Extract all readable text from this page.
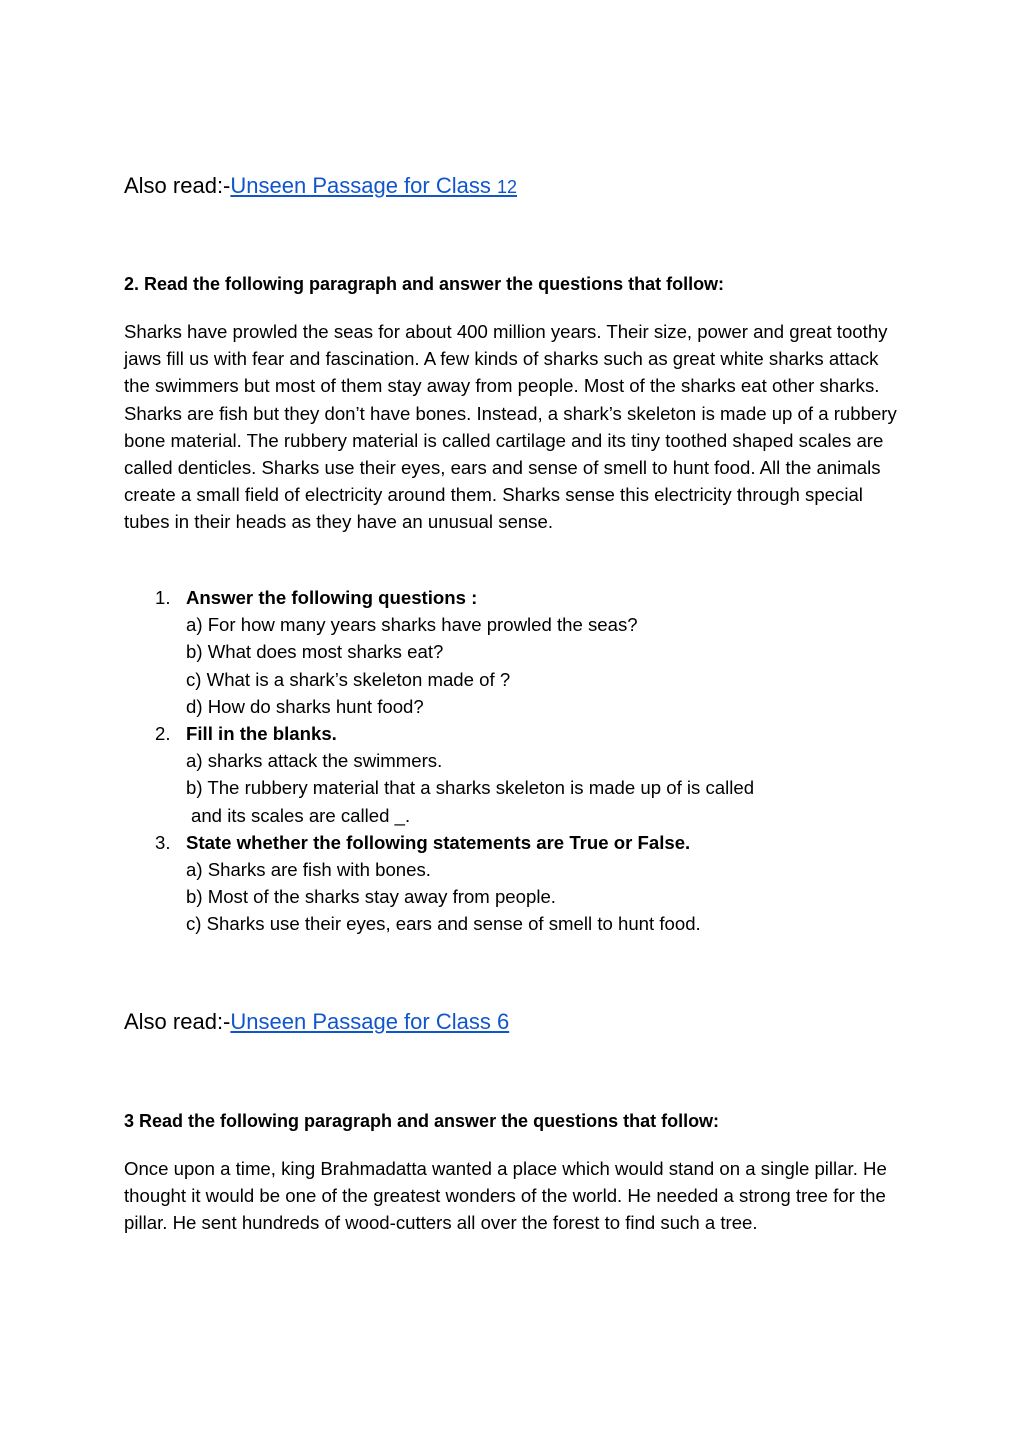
Also read:-Unseen Passage for Class 12
2. Read the following paragraph and answer the questions that follow:
Sharks have prowled the seas for about 400 million years. Their size, power and great toothy jaws fill us with fear and fascination. A few kinds of sharks such as great white sharks attack the swimmers but most of them stay away from people. Most of the sharks eat other sharks. Sharks are fish but they don’t have bones. Instead, a shark’s skeleton is made up of a rubbery bone material. The rubbery material is called cartilage and its tiny toothed shaped scales are called denticles. Sharks use their eyes, ears and sense of smell to hunt food. All the animals create a small field of electricity around them. Sharks sense this electricity through special tubes in their heads as they have an unusual sense.
1. Answer the following questions :
a) For how many years sharks have prowled the seas?
b) What does most sharks eat?
c) What is a shark’s skeleton made of ?
d) How do sharks hunt food?
2. Fill in the blanks.
a) sharks attack the swimmers.
b) The rubbery material that a sharks skeleton is made up of is called
and its scales are called _.
3. State whether the following statements are True or False.
a) Sharks are fish with bones.
b) Most of the sharks stay away from people.
c) Sharks use their eyes, ears and sense of smell to hunt food.
Also read:-Unseen Passage for Class 6
3 Read the following paragraph and answer the questions that follow:
Once upon a time, king Brahmadatta wanted a place which would stand on a single pillar. He thought it would be one of the greatest wonders of the world. He needed a strong tree for the pillar. He sent hundreds of wood-cutters all over the forest to find such a tree.
